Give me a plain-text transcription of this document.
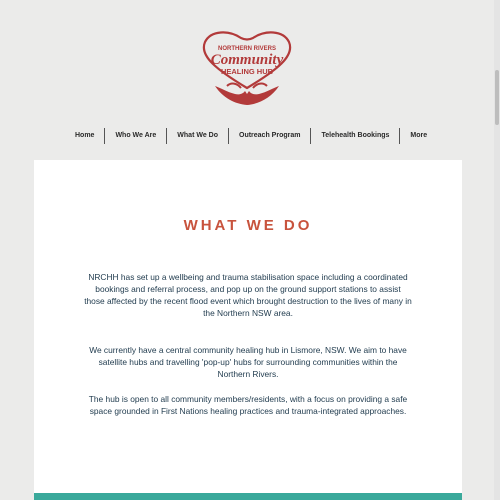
NORTHERN RIVERS
Community
HEALING HUB
Home	Who We Are	What We Do	Outreach Program	Telehealth Bookings	More
WHAT WE DO

NRCHH has set up a wellbeing and trauma stabilisation space including a coordinated bookings and referral process, and pop up on the ground support stations to assist those affected by the recent flood event which brought destruction to the lives of many in the Northern NSW area.

We currently have a central community healing hub in Lismore, NSW. We aim to have satellite hubs and travelling 'pop-up' hubs for surrounding communities within the Northern Rivers.

The hub is open to all community members/residents, with a focus on providing a safe space grounded in First Nations healing practices and trauma-integrated approaches.
